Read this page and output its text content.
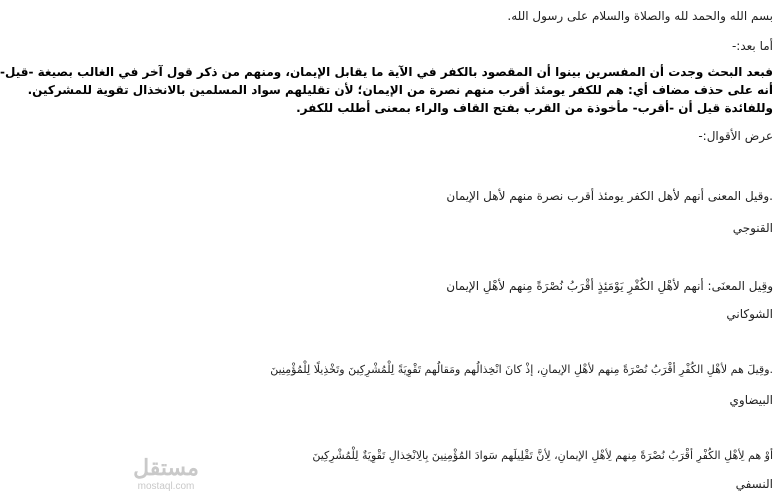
بسم الله والحمد لله والصلاة والسلام على رسول الله.
أما بعد:-
فبعد البحث وجدت أن المفسرين بينوا أن المقصود بالكفر في الآية ما يقابل الإيمان، ومنهم من ذكر قول آخر في الغالب بصيغة -قيل-
أنه على حذف مضاف أي: هم للكفر يومئذ أقرب منهم نصرة من الإيمان؛ لأن تقليلهم سواد المسلمين بالانخذال تقوية للمشركين.
وللفائدة قيل أن -أقرب- مأخوذة من القرب بفتح القاف والراء بمعنى أطلب للكفر.
عرض الأقوال:-
.وقيل المعنى أنهم لأهل الكفر يومئذ أقرب نصرة منهم لأهل الإيمان
القنوجي
وقِيل المعنَى: أنهم لأهْلِ الكُفْرِ يَوْمَئِذٍ أقْرَبُ نُصْرَةً مِنهم لأهْلِ الإيمان
الشوكاني
.وقِيلَ هم لأهْلِ الكُفْرِ أقْرَبُ نُصْرَةً مِنهم لأهْلِ الإيمانِ، إذْ كانَ انْخِذالُهم ومَقالُهم تَقْوِيَةً لِلْمُشْرِكِينَ وتَخْذِيلًا لِلْمُؤْمِنِينَ
البيضاوي
أوْ هم لِأهْلِ الكُفْرِ أقْرَبُ نُصْرَةً مِنهم لِأهْلِ الإيمانِ، لِأنَّ تَقْلِيلَهم سَوادَ المُؤْمِنِينَ بِالِانْخِذالِ تَقْوِيَةٌ لِلْمُشْرِكِينَ
النسفي
مستقل
mostaql.com
